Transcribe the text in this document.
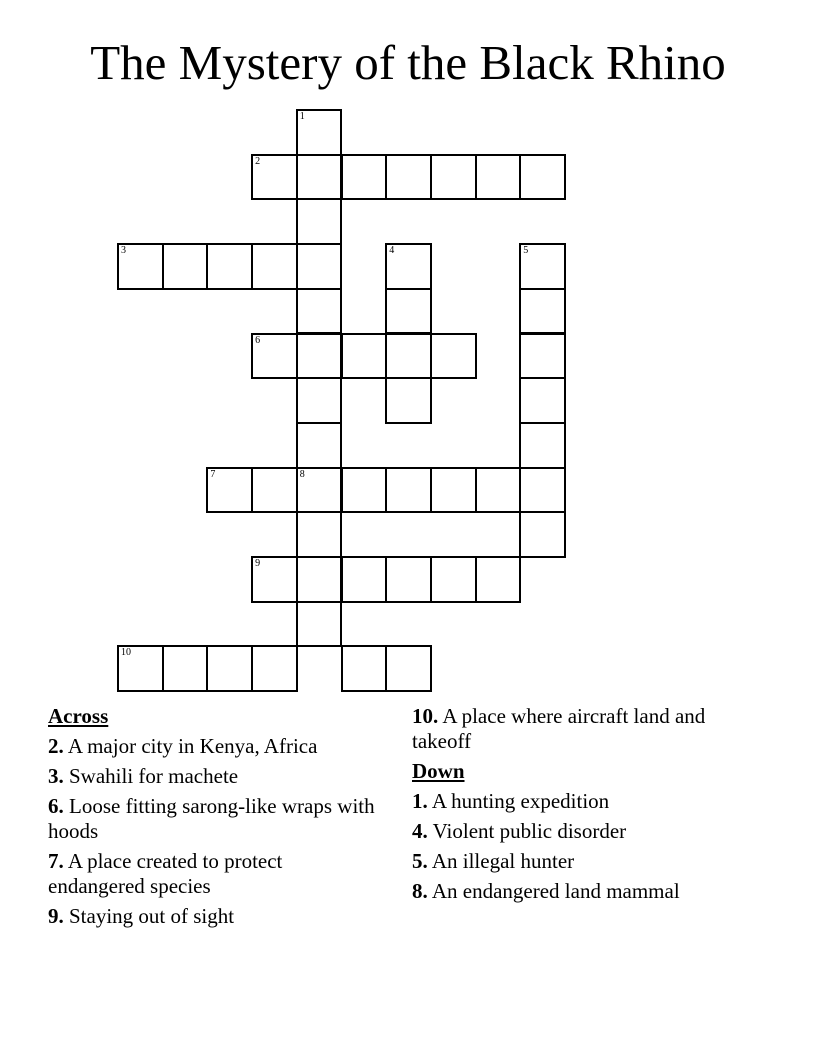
The Mystery of the Black Rhino
1
8
2
3	4	5
6
7
9
10
Across
2. A major city in Kenya, Africa
3. Swahili for machete
6. Loose fitting sarong-like wraps with hoods
7. A place created to protect endangered species
9. Staying out of sight
10. A place where aircraft land and takeoff
Down
1. A hunting expedition
4. Violent public disorder
5. An illegal hunter
8. An endangered land mammal
